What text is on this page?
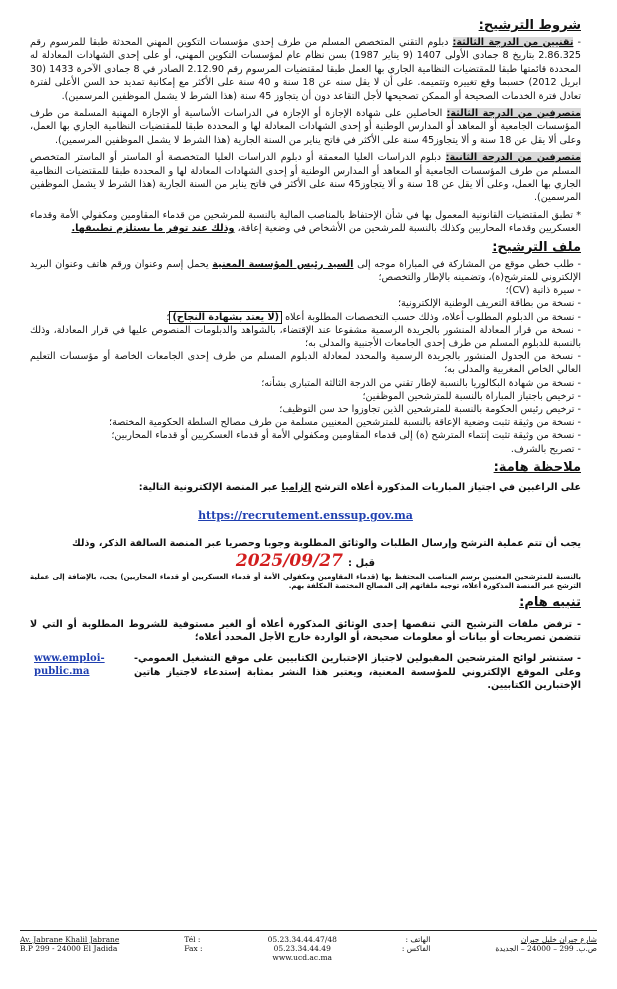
شروط الترشيح:

- تقنيين من الدرجة الثالثة: دبلوم التقني المتخصص المسلم من طرف إحدى مؤسسات التكوين المهني المحدثة طبقا للمرسوم رقم 2.86.325 بتاريخ 8 جمادى الأولى 1407 (9 يناير 1987) بسن نظام عام لمؤسسات التكوين المهني، أو على إحدى الشهادات المعادلة له المحددة قائمتها طبقا للمقتضيات النظامية الجاري بها العمل طبقا لمقتضيات المرسوم رقم 2.12.90 الصادر في 8 جمادى الآخرة 1433 (30 ابريل 2012) حسبما وقع تغييره وتتميمه. على أن لا يقل سنه عن 18 سنة و 40 سنة على الأكثر مع إمكانية تمديد حد السن الأعلى لفترة تعادل فترة الخدمات الصحيحة أو الممكن تصحيحها لأجل التقاعد دون أن يتجاوز 45 سنة (هذا الشرط لا يشمل الموظفين المرسمين).

متصرفين من الدرجة الثالثة: الحاصلين على شهادة الإجازة أو الإجازة في الدراسات الأساسية أو الإجازة المهنية المسلمة من طرف المؤسسات الجامعية أو المعاهد أو المدارس الوطنية أو إحدى الشهادات المعادلة لها و المحددة طبقا للمقتضيات النظامية الجاري بها العمل، وعلى ألا يقل عن 18 سنة و ألا يتجاوز45 سنة على الأكثر في فاتح يناير من السنة الجارية (هذا الشرط لا يشمل الموظفين المرسمين).

متصرفين من الدرجة الثانية: دبلوم الدراسات العليا المعمقة أو دبلوم الدراسات العليا المتخصصة أو الماستر أو الماستر المتخصص المسلم من طرف المؤسسات الجامعية أو المعاهد أو المدارس الوطنية أو إحدى الشهادات المعادلة لها و المحددة طبقا للمقتضيات النظامية الجاري بها العمل، وعلى ألا يقل عن 18 سنة و ألا يتجاوز45 سنة على الأكثر في فاتح يناير من السنة الجارية (هذا الشرط لا يشمل الموظفين المرسمين).

* تطبق المقتضيات القانونية المعمول بها في شأن الإحتفاظ بالمناصب المالية بالنسبة للمرشحين من قدماء المقاومين ومكفولي الأمة وقدماء العسكريين وقدماء المحاربين وكذلك بالنسبة للمرشحين من الأشخاص في وضعية إعاقة، وذلك عند توفر ما يستلزم تطبيقها.

ملف الترشيح:
- طلب خطي موقع من المشاركة في المباراة موجه إلى السيد رئيس المؤسسة المعنية يحمل إسم وعنوان ورقم هاتف وعنوان البريد الإلكتروني للمترشح(ة)، وتضمينه بالإطار والتخصص؛
- سيرة ذاتية (CV)؛
- نسخة من بطاقة التعريف الوطنية الإلكترونية؛
- نسخة من الدبلوم المطلوب أعلاه، وذلك حسب التخصصات المطلوبة أعلاه (لا يعتد بشهادة النجاح)؛
- نسخة من قرار المعادلة المنشور بالجريدة الرسمية مشفوعا عند الإقتضاء، بالشواهد والدبلومات المنصوص عليها في قرار المعادلة، وذلك بالنسبة للدبلوم المسلم من طرف إحدى الجامعات الأجنبية والمدلى به؛
- نسخة من الجدول المنشور بالجريدة الرسمية والمحدد لمعادلة الدبلوم المسلم من طرف إحدى الجامعات الخاصة أو مؤسسات التعليم العالي الخاص المغربية والمدلى به؛
- نسخة من شهادة البكالوريا بالنسبة لإطار تقني من الدرجة الثالثة المتبارى بشأنه؛
- ترخيص باجتياز المباراة بالنسبة للمترشحين الموظفين؛
- ترخيص رئيس الحكومة بالنسبة للمترشحين الذين تجاوزوا حد سن التوظيف؛
- نسخة من وثيقة تثبت وضعية الإعاقة بالنسبة للمترشحين المعنيين مسلمة من طرف مصالح السلطة الحكومية المختصة؛
- نسخة من وثيقة تثبت إنتماء المترشح (ة) إلى قدماء المقاومين ومكفولي الأمة أو قدماء العسكريين أو قدماء المحاربين؛
- تصريح بالشرف.
ملاحظة هامة:

على الراغبين في اجتياز المباريات المذكورة أعلاه الترشح إلزاميا عبر المنصة الإلكترونية التالية:

https://recrutement.enssup.gov.ma

يجب أن تتم عملية الترشح وإرسال الطلبات والوثائق المطلوبة وجوبا وحصريا عبر المنصة السالفة الذكر، وذلك

قبل : 2025/09/27

بالنسبة للمترشحين المعنيين برسم المناصب المحتفظ بها (قدماء المقاومين ومكفولي الأمة أو قدماء العسكريين أو قدماء المحاربين) يجب، بالإضافة إلى عملية الترشح عبر المنصة المذكورة أعلاه، توجيه ملفاتهم إلى المصالح المختصة المكلفة بهم.

تنبيه هام:
- ترفض ملفات الترشيح التي تنقصها إحدى الوثائق المذكورة أعلاه أو الغير مستوفية للشروط المطلوبة أو التي لا تتضمن تصريحات أو بيانات أو معلومات صحيحة، أو الواردة خارج الأجل المحدد أعلاه؛
- ستنشر لوائح المترشحين المقبولين لاجتياز الإختبارين الكتابيين على موقع التشغيل العمومي- وعلى الموقع الإلكتروني للمؤسسة المعنية، ويعتبر هذا النشر بمثابة إستدعاء لاجتياز هاتين الإختبارين الكتابيين.
www.emploi-
public.ma
Av. Jabrane Khalil Jabrane
B.P 299 - 24000 El Jadida
Tél :
Fax :
05.23.34.44.47/48
05.23.34.44.49
www.ucd.ac.ma
الهاتف :
الفاكس :
شارع جبران خليل جبران
ص.ب. 299 – 24000 – الجديدة
